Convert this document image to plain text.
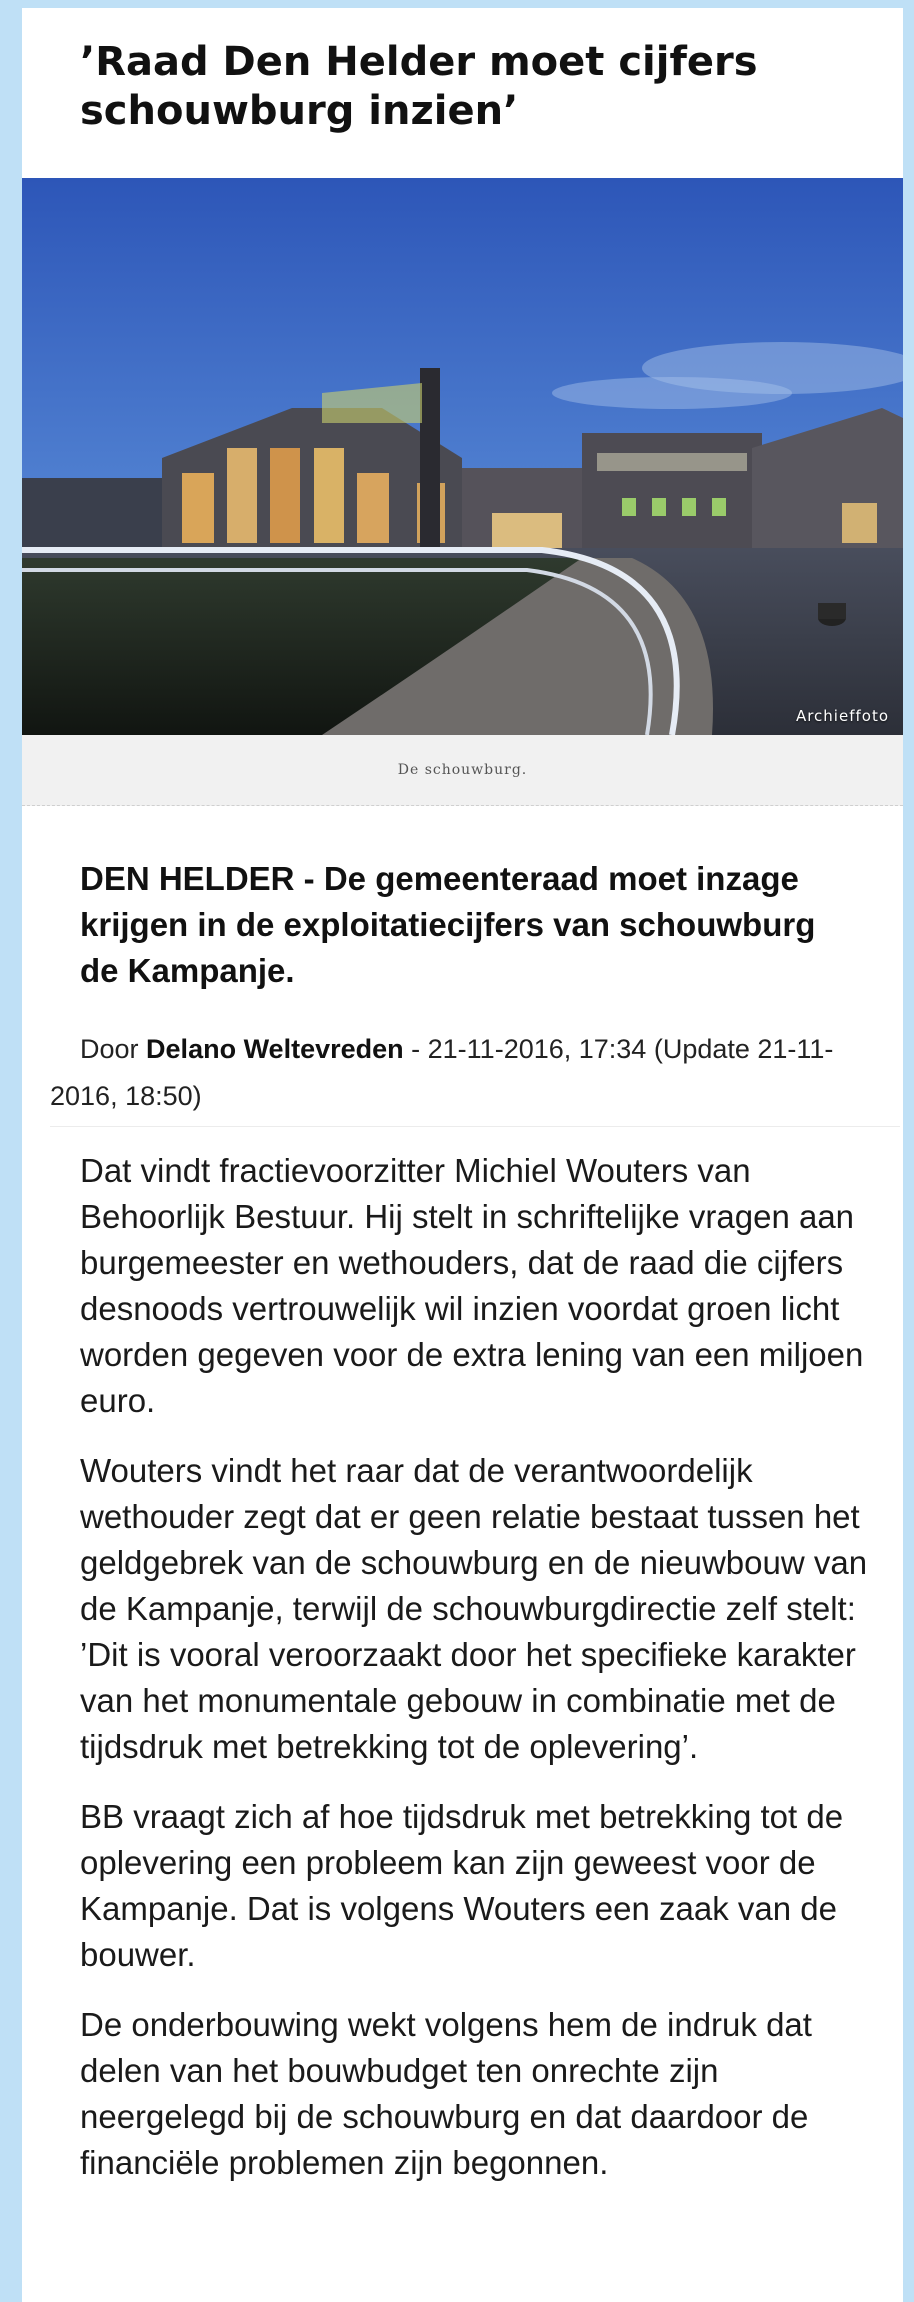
’Raad Den Helder moet cijfers schouwburg inzien’
Archieffoto
De schouwburg.
DEN HELDER - De gemeenteraad moet inzage krijgen in de exploitatiecijfers van schouwburg de Kampanje.
Door Delano Weltevreden - 21-11-2016, 17:34 (Update 21-11-2016, 18:50)

Dat vindt fractievoorzitter Michiel Wouters van Behoorlijk Bestuur. Hij stelt in schriftelijke vragen aan burgemeester en wethouders, dat de raad die cijfers desnoods vertrouwelijk wil inzien voordat groen licht worden gegeven voor de extra lening van een miljoen euro.

Wouters vindt het raar dat de verantwoordelijk wethouder zegt dat er geen relatie bestaat tussen het geldgebrek van de schouwburg en de nieuwbouw van de Kampanje, terwijl de schouwburgdirectie zelf stelt: ’Dit is vooral veroorzaakt door het specifieke karakter van het monumentale gebouw in combinatie met de tijdsdruk met betrekking tot de oplevering’.

BB vraagt zich af hoe tijdsdruk met betrekking tot de oplevering een probleem kan zijn geweest voor de Kampanje. Dat is volgens Wouters een zaak van de bouwer.

De onderbouwing wekt volgens hem de indruk dat delen van het bouwbudget ten onrechte zijn neergelegd bij de schouwburg en dat daardoor de financiële problemen zijn begonnen.
